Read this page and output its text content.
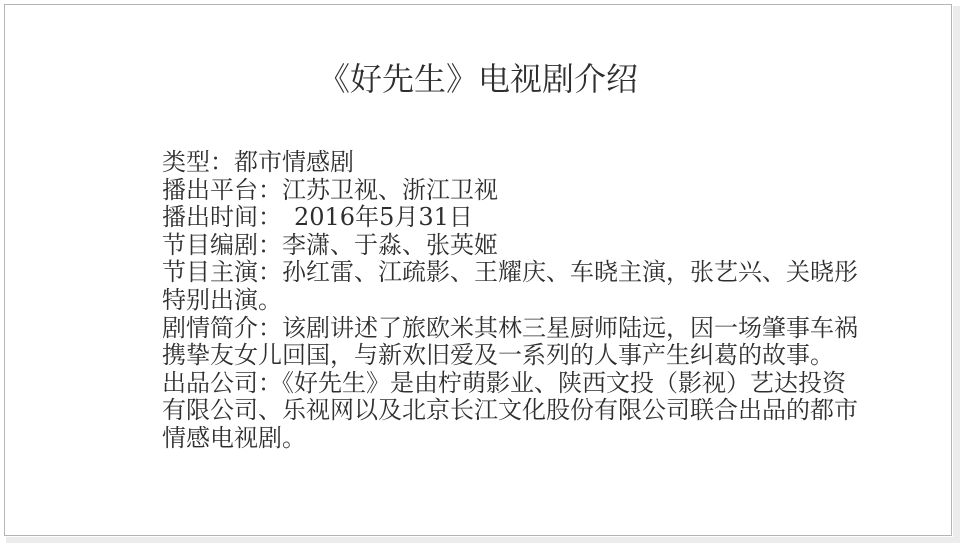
《好先生》电视剧介绍
类型：都市情感剧
播出平台：江苏卫视、浙江卫视
播出时间：　2016年5月31日
节目编剧：李潇、于淼、张英姬
节目主演：孙红雷、江疏影、王耀庆、车晓主演，张艺兴、关晓彤
特别出演。
剧情简介：该剧讲述了旅欧米其林三星厨师陆远，因一场肇事车祸
携挚友女儿回国，与新欢旧爱及一系列的人事产生纠葛的故事。
出品公司：《好先生》是由柠萌影业、陕西文投（影视）艺达投资
有限公司、乐视网以及北京长江文化股份有限公司联合出品的都市
情感电视剧。
